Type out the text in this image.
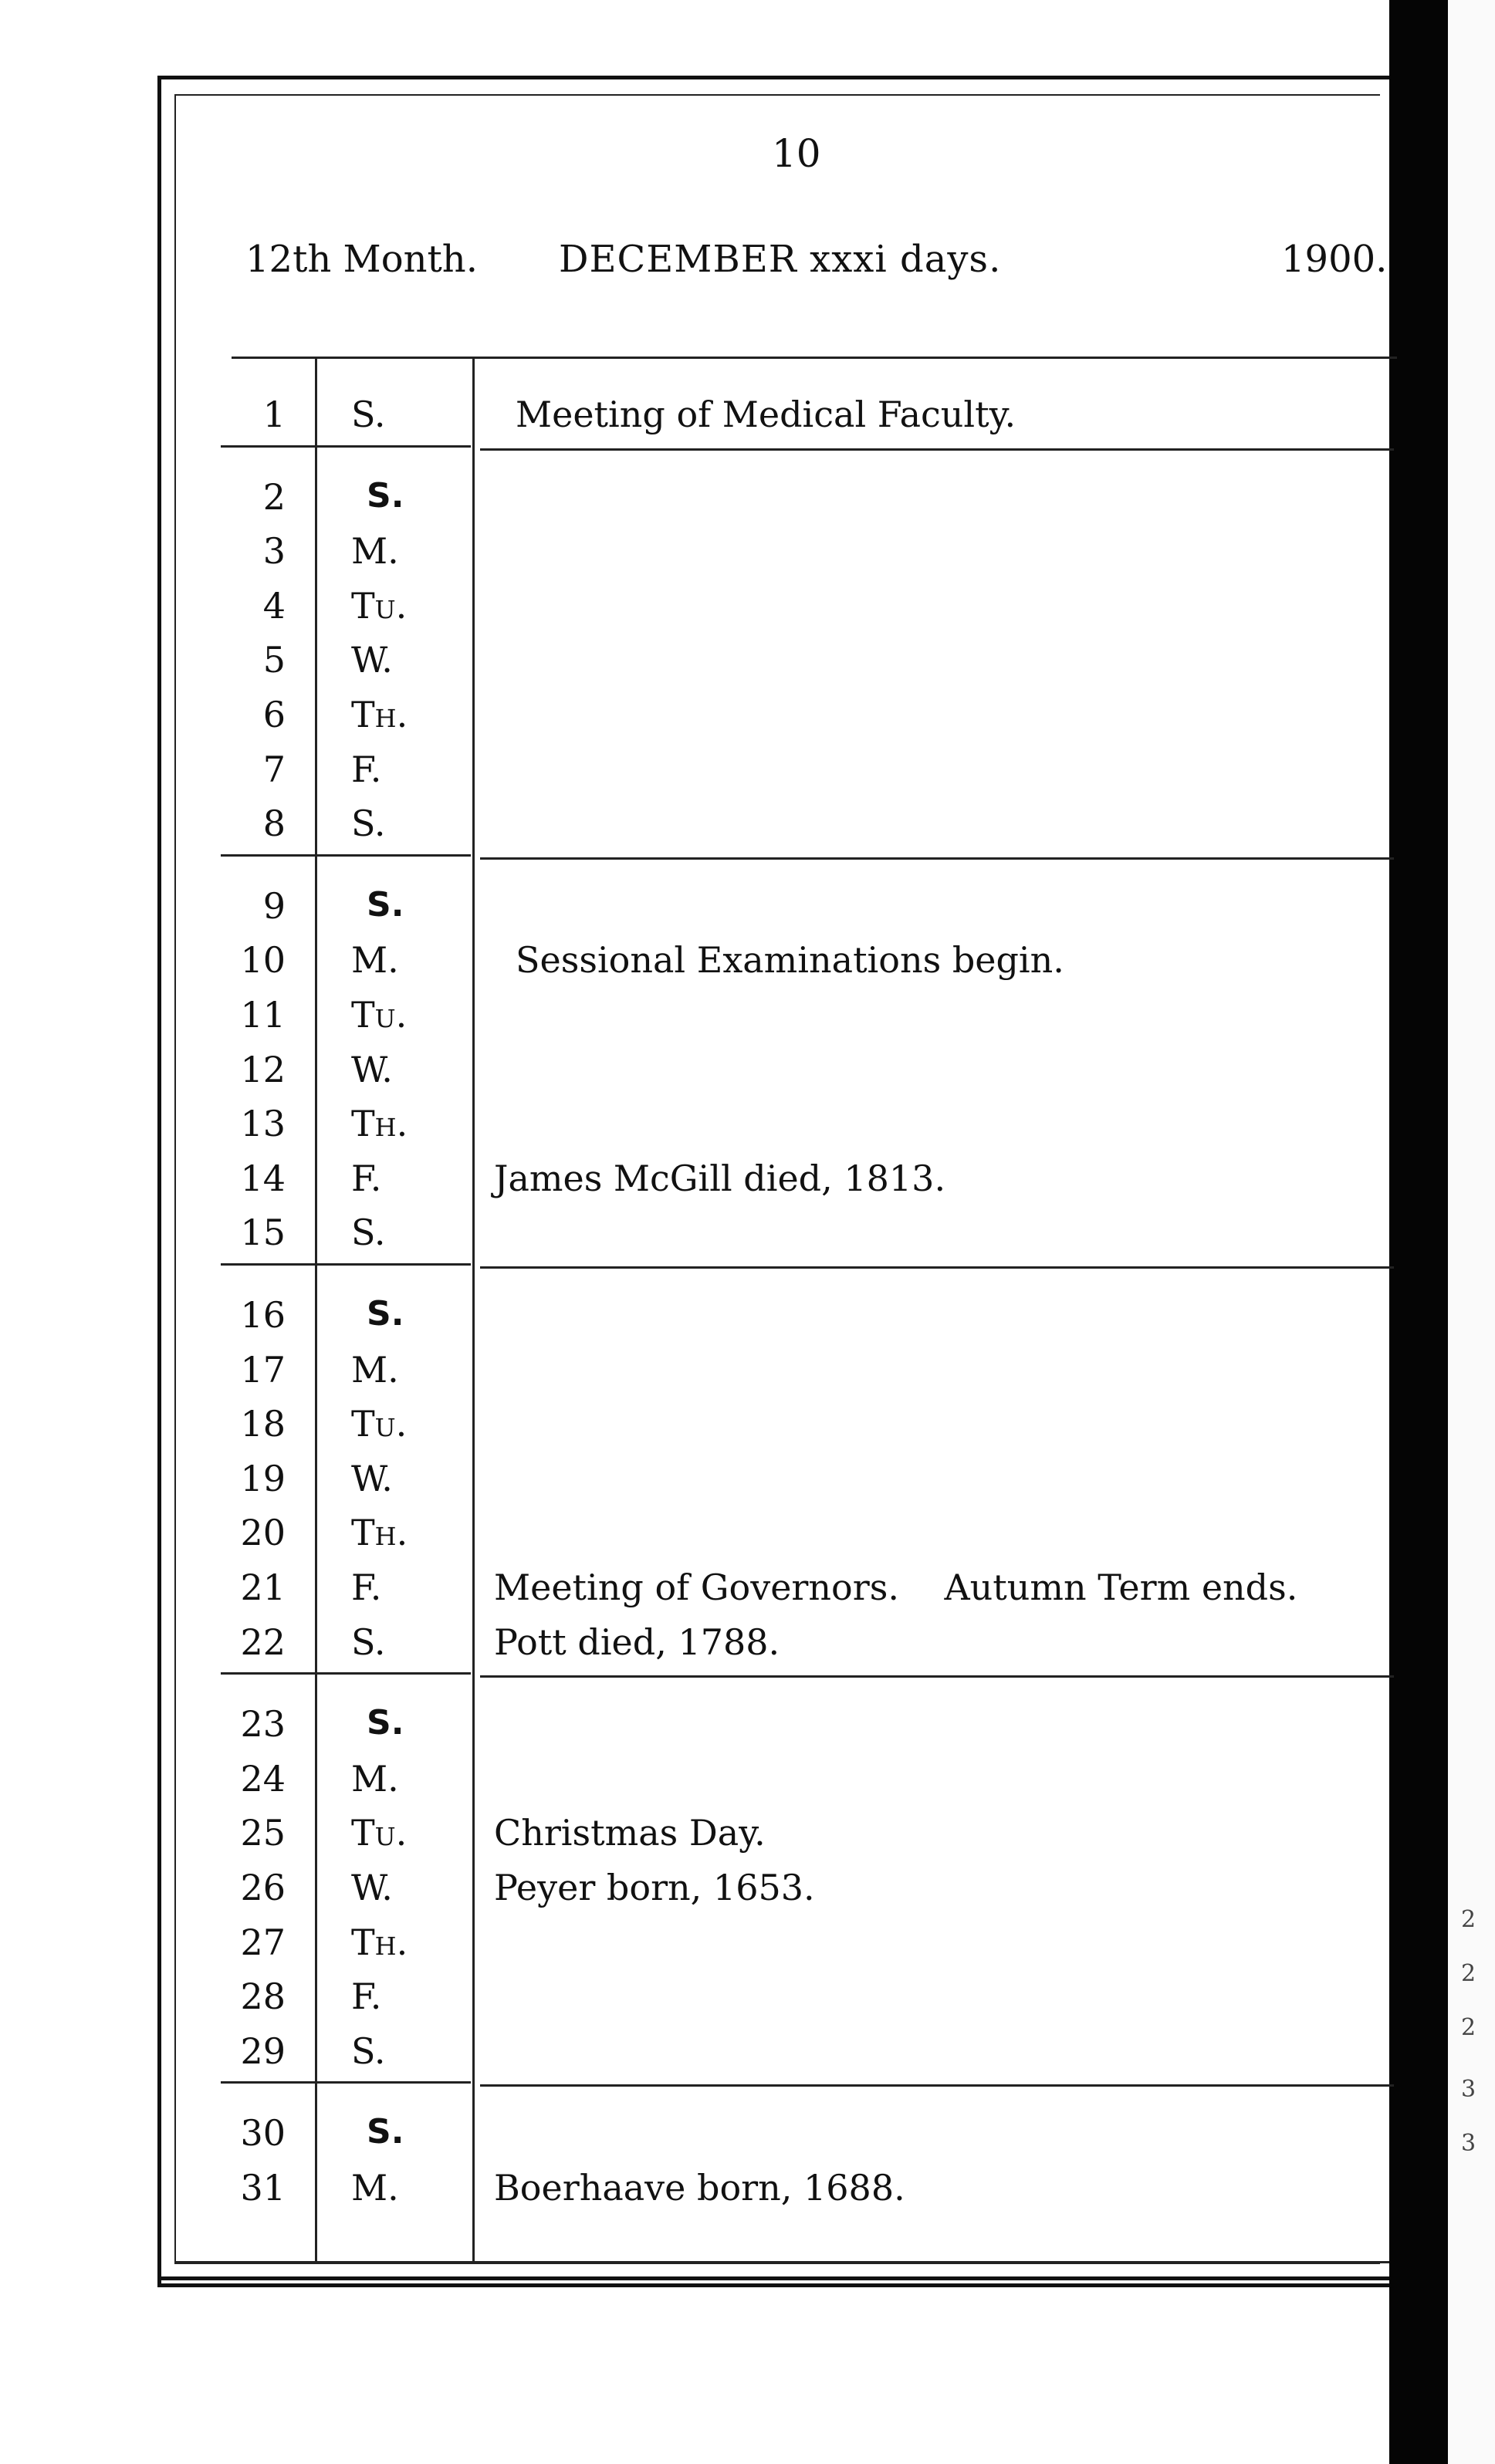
2
2
2
3
3
10
12th Month. DECEMBER xxxi days.	1900.
1 S.	Meeting of Medical Faculty.
2 S.
3 M.
4 Tu.
5 W.
6 Th.
7 F.
8 S.
9 S.
10 M.	Sessional Examinations begin.
11 Tu.
12 W.
13 Th.
14 F.	James McGill died, 1813.
15 S.
16 S.
17 M.
18 Tu.
19 W.
20 Th.
21 F.	Meeting of Governors.    Autumn Term ends.
22 S.	Pott died, 1788.
23 S.
24 M.
25 Tu. Christmas Day.
26 W.	Peyer born, 1653.
27 Th.
28 F.
29 S.
30 S.
31 M.	Boerhaave born, 1688.
